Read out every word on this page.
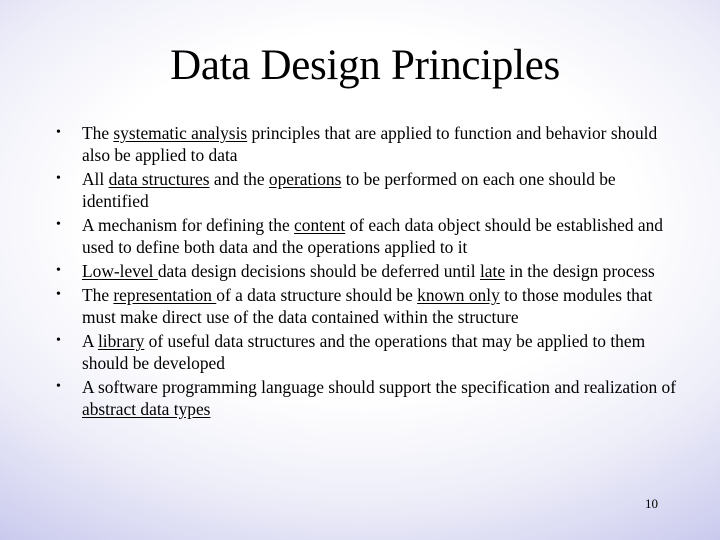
Data Design Principles
• The systematic analysis principles that are applied to function and behavior should also be applied to data
• All data structures and the operations to be performed on each one should be identified
• A mechanism for defining the content of each data object should be established and used to define both data and the operations applied to it
• Low-level data design decisions should be deferred until late in the design process
• The representation of a data structure should be known only to those modules that must make direct use of the data contained within the structure
• A library of useful data structures and the operations that may be applied to them should be developed
• A software programming language should support the specification and realization of abstract data types
10
